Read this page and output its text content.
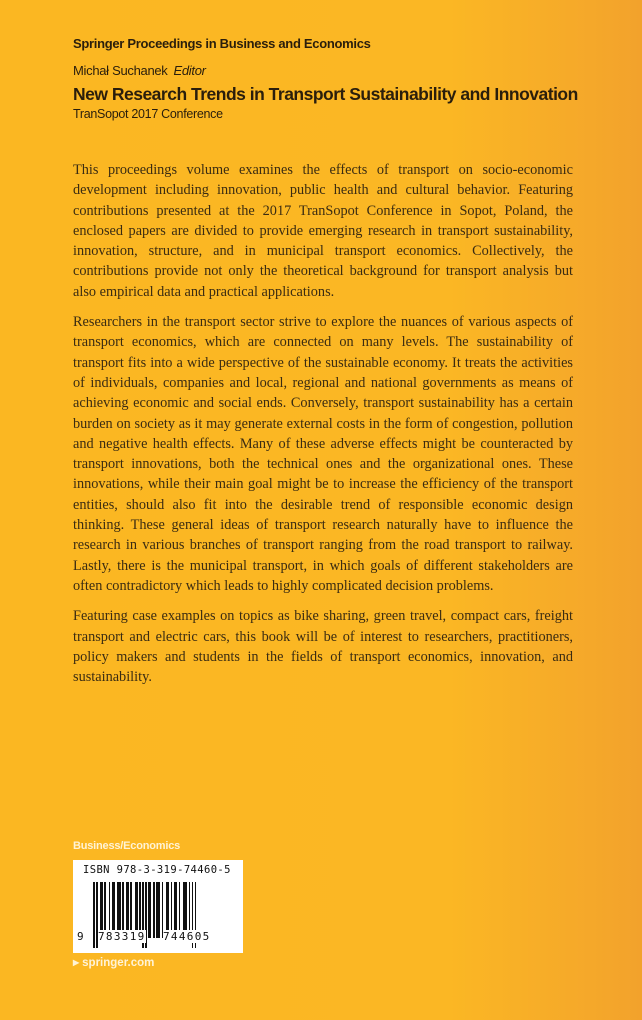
Springer Proceedings in Business and Economics
Michał Suchanek Editor
New Research Trends in Transport Sustainability and Innovation
TranSopot 2017 Conference

This proceedings volume examines the effects of transport on socio-economic development including innovation, public health and cultural behavior. Featuring contributions presented at the 2017 TranSopot Conference in Sopot, Poland, the enclosed papers are divided to provide emerging research in transport sustainability, innovation, structure, and in municipal transport economics. Collectively, the contributions provide not only the theoretical background for transport analysis but also empirical data and practical applications.

Researchers in the transport sector strive to explore the nuances of various aspects of transport economics, which are connected on many levels. The sustainability of transport fits into a wide perspective of the sustainable economy. It treats the activities of individuals, companies and local, regional and national governments as means of achieving economic and social ends. Conversely, transport sustainability has a certain burden on society as it may generate external costs in the form of congestion, pollution and negative health effects. Many of these adverse effects might be counteracted by transport innovations, both the technical ones and the organizational ones. These innovations, while their main goal might be to increase the efficiency of the transport entities, should also fit into the desirable trend of responsible economic design thinking. These general ideas of transport research naturally have to influence the research in various branches of transport ranging from the road transport to railway. Lastly, there is the municipal transport, in which goals of different stakeholders are often contradictory which leads to highly complicated decision problems.

Featuring case examples on topics as bike sharing, green travel, compact cars, freight transport and electric cars, this book will be of interest to researchers, practitioners, policy makers and students in the fields of transport economics, innovation, and sustainability.

Business/Economics
ISBN 978-3-319-74460-5
9 783319 744605
▶ springer.com
